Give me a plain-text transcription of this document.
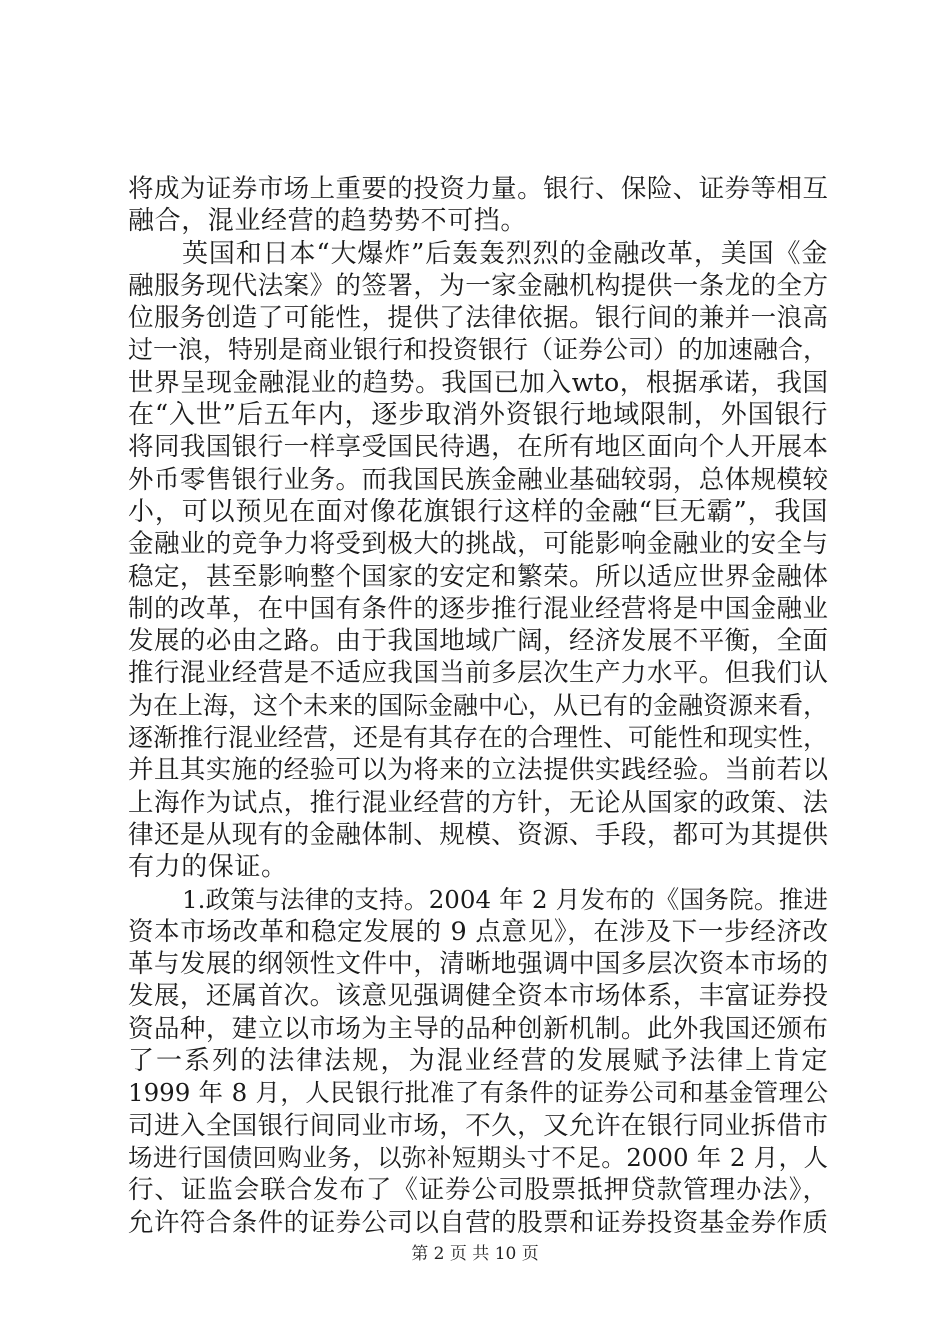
将成为证券市场上重要的投资力量。银行、保险、证券等相互
融合，混业经营的趋势势不可挡。
英国和日本“大爆炸”后轰轰烈烈的金融改革，美国《金
融服务现代法案》的签署，为一家金融机构提供一条龙的全方
位服务创造了可能性，提供了法律依据。银行间的兼并一浪高
过一浪，特别是商业银行和投资银行（证券公司）的加速融合，
世界呈现金融混业的趋势。我国已加入wto，根据承诺，我国
在“入世”后五年内，逐步取消外资银行地域限制，外国银行
将同我国银行一样享受国民待遇，在所有地区面向个人开展本
外币零售银行业务。而我国民族金融业基础较弱，总体规模较
小，可以预见在面对像花旗银行这样的金融“巨无霸”，我国
金融业的竞争力将受到极大的挑战，可能影响金融业的安全与
稳定，甚至影响整个国家的安定和繁荣。所以适应世界金融体
制的改革，在中国有条件的逐步推行混业经营将是中国金融业
发展的必由之路。由于我国地域广阔，经济发展不平衡，全面
推行混业经营是不适应我国当前多层次生产力水平。但我们认
为在上海，这个未来的国际金融中心，从已有的金融资源来看，
逐渐推行混业经营，还是有其存在的合理性、可能性和现实性，
并且其实施的经验可以为将来的立法提供实践经验。当前若以
上海作为试点，推行混业经营的方针，无论从国家的政策、法
律还是从现有的金融体制、规模、资源、手段，都可为其提供
有力的保证。
1.政策与法律的支持。2004 年 2 月发布的《国务院。推进
资本市场改革和稳定发展的 9 点意见》，在涉及下一步经济改
革与发展的纲领性文件中，清晰地强调中国多层次资本市场的
发展，还属首次。该意见强调健全资本市场体系，丰富证券投
资品种，建立以市场为主导的品种创新机制。此外我国还颁布
了一系列的法律法规，为混业经营的发展赋予法律上肯定
1999 年 8 月，人民银行批准了有条件的证券公司和基金管理公
司进入全国银行间同业市场，不久，又允许在银行同业拆借市
场进行国债回购业务，以弥补短期头寸不足。2000 年 2 月，人
行、证监会联合发布了《证券公司股票抵押贷款管理办法》，
允许符合条件的证券公司以自营的股票和证券投资基金券作质
第 2 页 共 10 页
